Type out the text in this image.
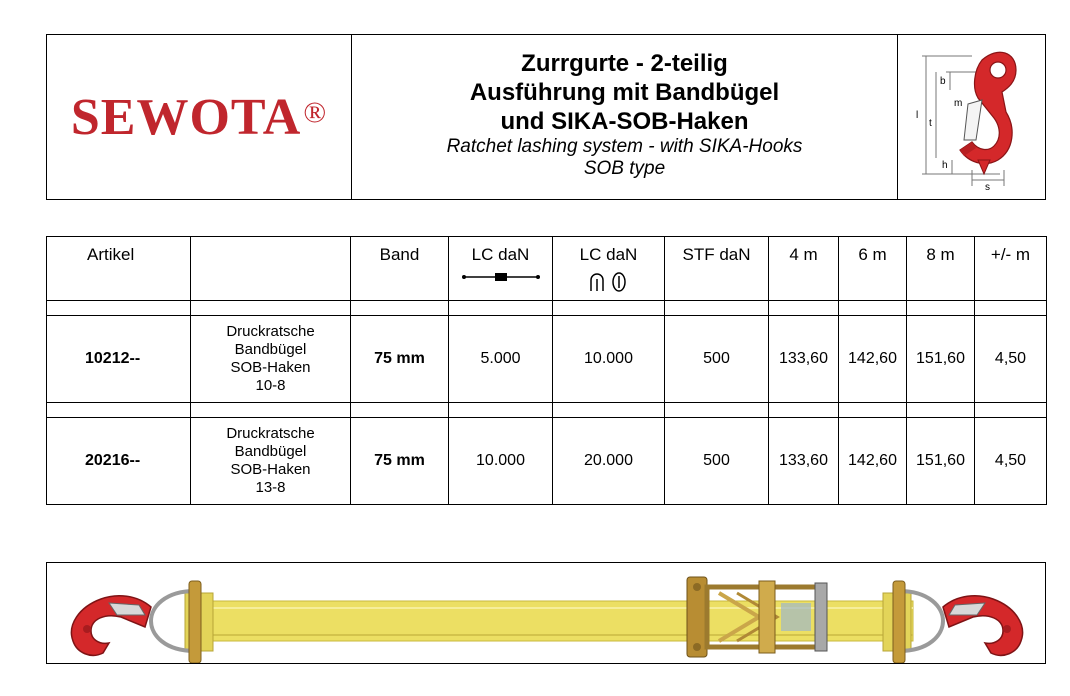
SEWOTA®
Zurrgurte - 2-teilig
Ausführung mit Bandbügel
und SIKA-SOB-Haken
Ratchet lashing system - with SIKA-Hooks
SOB type
b
m
l
t
h
s
Artikel		Band	LC daN	LC daN	STF daN	4 m	6 m	8 m	+/- m

10212--	Druckratsche
Bandbügel
SOB-Haken
10-8	75 mm	5.000	10.000	500	133,60	142,60	151,60	4,50

20216--	Druckratsche
Bandbügel
SOB-Haken
13-8	75 mm	10.000	20.000	500	133,60	142,60	151,60	4,50
